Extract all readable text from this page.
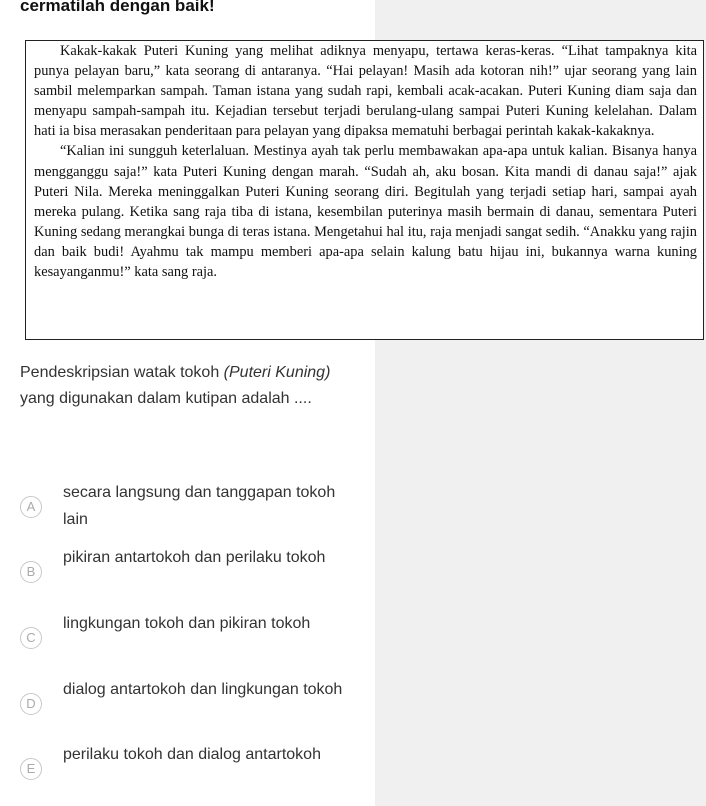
cermatilah dengan baik!

Kakak-kakak Puteri Kuning yang melihat adiknya menyapu, tertawa keras-keras. “Lihat tampaknya kita punya pelayan baru,” kata seorang di antaranya. “Hai pelayan! Masih ada kotoran nih!” ujar seorang yang lain sambil melemparkan sampah. Taman istana yang sudah rapi, kembali acak-acakan. Puteri Kuning diam saja dan menyapu sampah-sampah itu. Kejadian tersebut terjadi berulang-ulang sampai Puteri Kuning kelelahan. Dalam hati ia bisa merasakan penderitaan para pelayan yang dipaksa mematuhi berbagai perintah kakak-kakaknya.

“Kalian ini sungguh keterlaluan. Mestinya ayah tak perlu membawakan apa-apa untuk kalian. Bisanya hanya mengganggu saja!” kata Puteri Kuning dengan marah. “Sudah ah, aku bosan. Kita mandi di danau saja!” ajak Puteri Nila. Mereka meninggalkan Puteri Kuning seorang diri. Begitulah yang terjadi setiap hari, sampai ayah mereka pulang. Ketika sang raja tiba di istana, kesembilan puterinya masih bermain di danau, sementara Puteri Kuning sedang merangkai bunga di teras istana. Mengetahui hal itu, raja menjadi sangat sedih. “Anakku yang rajin dan baik budi! Ayahmu tak mampu memberi apa-apa selain kalung batu hijau ini, bukannya warna kuning kesayanganmu!” kata sang raja.

Pendeskripsian watak tokoh (Puteri Kuning) yang digunakan dalam kutipan adalah ....
A
secara langsung dan tanggapan tokoh lain
B
pikiran antartokoh dan perilaku tokoh
C
lingkungan tokoh dan pikiran tokoh
D
dialog antartokoh dan lingkungan tokoh
E
perilaku tokoh dan dialog antartokoh
